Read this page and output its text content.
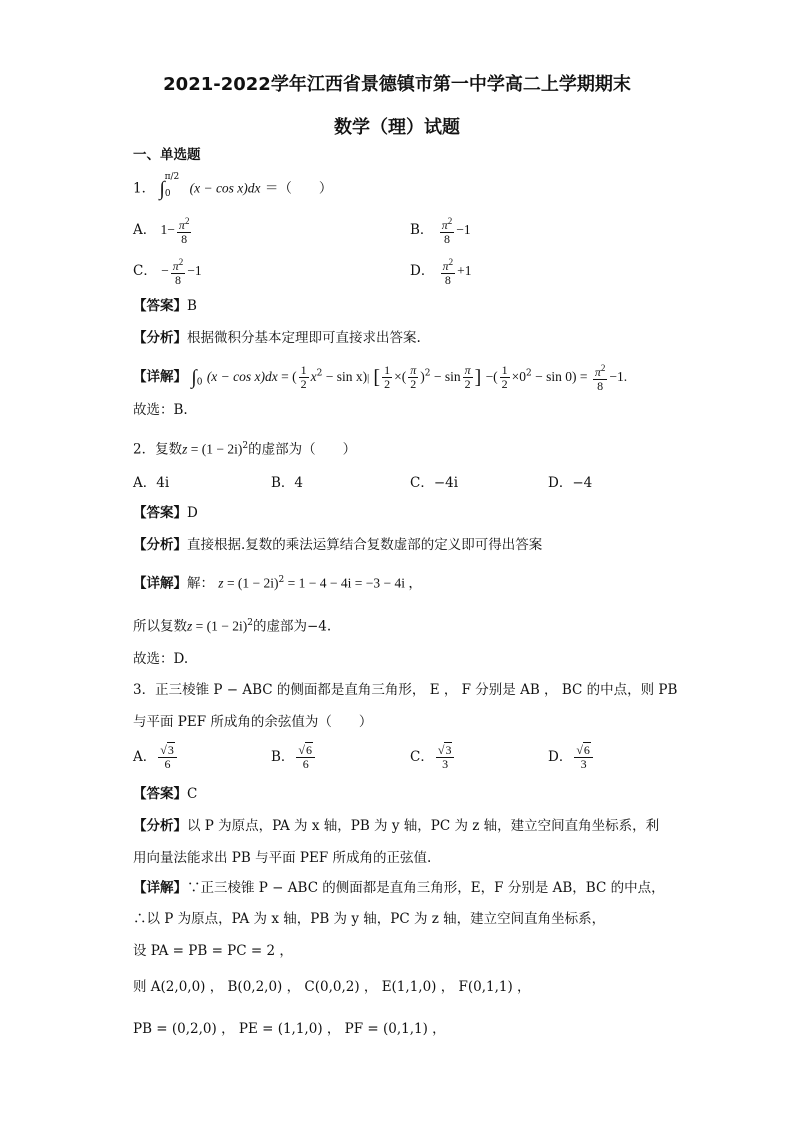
2021-2022学年江西省景德镇市第一中学高二上学期期末
数学（理）试题
一、单选题
1． $\int_0^{\pi/2}$ (x − cos x)dx ＝（　　）
A． $1- \frac{\pi^2}{8}$	B． $\frac{\pi^2}{8} -1$
C． − $\frac{\pi^2}{8} -1$	D． $\frac{\pi^2}{8} +1$
【答案】B
【分析】根据微积分基本定理即可直接求出答案.
【详解】 $\int_0$ (x − cos x)dx = ( $\frac{1}{2} x^2 - \sin x)|$ [ $\frac{1}{2}$ ×( $\frac{\pi}{2} )^2 - \sin \frac{\pi}{2}$ ] −( $\frac{1}{2} \times 0^2 - \sin 0) = \frac{\pi^2}{8} -1$.
故选：B.
2．复数$z = (1 - 2i)^2$的虚部为（　　）
A．4i	B．4	C．−4i	D．−4
【答案】D
【分析】直接根据.复数的乘法运算结合复数虚部的定义即可得出答案
【详解】解： $z = (1 - 2i)^2 = 1 - 4 - 4i = -3 - 4i$ ，
所以复数$z = (1 - 2i)^2$的虚部为−4.
故选：D.
3．正三棱锥 P − ABC 的侧面都是直角三角形， E ， F 分别是 AB ， BC 的中点，则 PB
与平面 PEF 所成角的余弦值为（　　）
A． $\frac{√3}{6}$	B． $\frac{√6}{6}$	C． $\frac{√3}{3}$	D． $\frac{√6}{3}$
【答案】C
【分析】以 P 为原点，PA 为 x 轴，PB 为 y 轴，PC 为 z 轴，建立空间直角坐标系，利
用向量法能求出 PB 与平面 PEF 所成角的正弦值.
【详解】∵正三棱锥 P − ABC 的侧面都是直角三角形，E，F 分别是 AB，BC 的中点，
∴以 P 为原点，PA 为 x 轴，PB 为 y 轴，PC 为 z 轴，建立空间直角坐标系，
设 PA = PB = PC = 2 ，
则 A(2,0,0) ， B(0,2,0) ， C(0,0,2) ， E(1,1,0) ， F(0,1,1) ，
PB = (0,2,0) ， PE = (1,1,0) ， PF = (0,1,1) ，
